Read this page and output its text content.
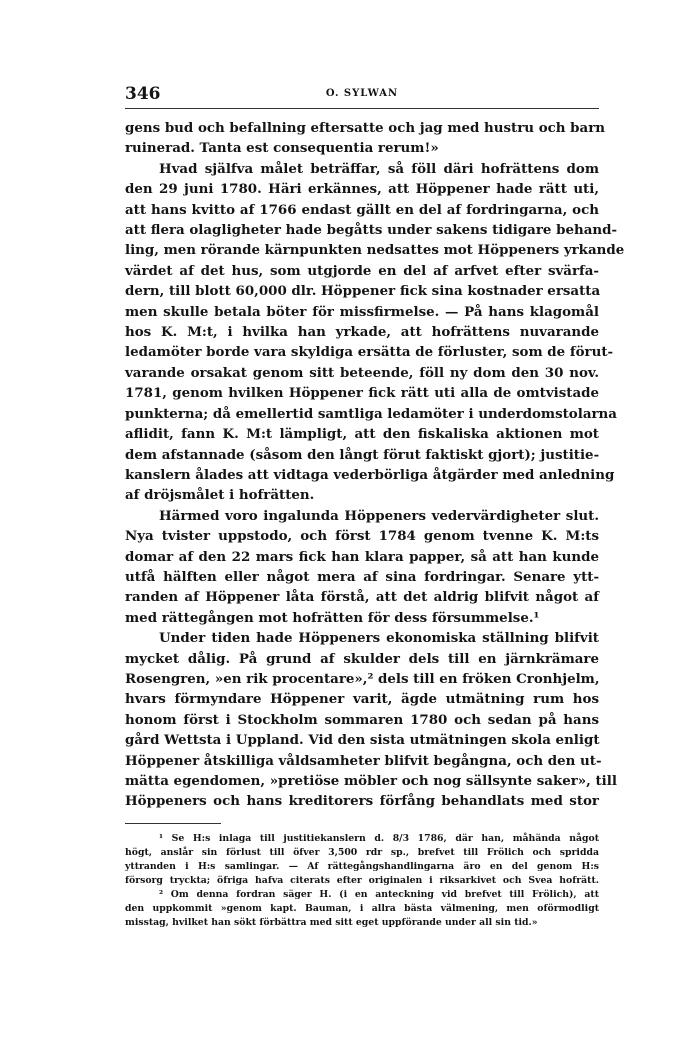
346	O. SYLWAN
gens bud och befallning eftersatte och jag med hustru och barn
ruinerad. Tanta est consequentia rerum!»
Hvad själfva målet beträffar, så föll däri hofrättens dom
den 29 juni 1780. Häri erkännes, att Höppener hade rätt uti,
att hans kvitto af 1766 endast gällt en del af fordringarna, och
att flera olagligheter hade begåtts under sakens tidigare behand-
ling, men rörande kärnpunkten nedsattes mot Höppeners yrkande
värdet af det hus, som utgjorde en del af arfvet efter svärfa-
dern, till blott 60,000 dlr. Höppener fick sina kostnader ersatta
men skulle betala böter för missfirmelse. — På hans klagomål
hos K. M:t, i hvilka han yrkade, att hofrättens nuvarande
ledamöter borde vara skyldiga ersätta de förluster, som de förut-
varande orsakat genom sitt beteende, föll ny dom den 30 nov.
1781, genom hvilken Höppener fick rätt uti alla de omtvistade
punkterna; då emellertid samtliga ledamöter i underdomstolarna
aflidit, fann K. M:t lämpligt, att den fiskaliska aktionen mot
dem afstannade (såsom den långt förut faktiskt gjort); justitie-
kanslern ålades att vidtaga vederbörliga åtgärder med anledning
af dröjsmålet i hofrätten.
Härmed voro ingalunda Höppeners vedervärdigheter slut.
Nya tvister uppstodo, och först 1784 genom tvenne K. M:ts
domar af den 22 mars fick han klara papper, så att han kunde
utfå hälften eller något mera af sina fordringar. Senare ytt-
randen af Höppener låta förstå, att det aldrig blifvit något af
med rättegången mot hofrätten för dess försummelse.¹
Under tiden hade Höppeners ekonomiska ställning blifvit
mycket dålig. På grund af skulder dels till en järnkrämare
Rosengren, »en rik procentare»,² dels till en fröken Cronhjelm,
hvars förmyndare Höppener varit, ägde utmätning rum hos
honom först i Stockholm sommaren 1780 och sedan på hans
gård Wettsta i Uppland. Vid den sista utmätningen skola enligt
Höppener åtskilliga våldsamheter blifvit begångna, och den ut-
mätta egendomen, »pretiöse möbler och nog sällsynte saker», till
Höppeners och hans kreditorers förfång behandlats med stor
¹ Se H:s inlaga till justitiekanslern d. 8/3 1786, där han, måhända något
högt, anslår sin förlust till öfver 3,500 rdr sp., brefvet till Frölich och spridda
yttranden i H:s samlingar. — Af rättegångshandlingarna äro en del genom H:s
försorg tryckta; öfriga hafva citerats efter originalen i riksarkivet och Svea hofrätt.
² Om denna fordran säger H. (i en anteckning vid brefvet till Frölich), att
den uppkommit »genom kapt. Bauman, i allra bästa välmening, men oförmodligt
misstag, hvilket han sökt förbättra med sitt eget uppförande under all sin tid.»
